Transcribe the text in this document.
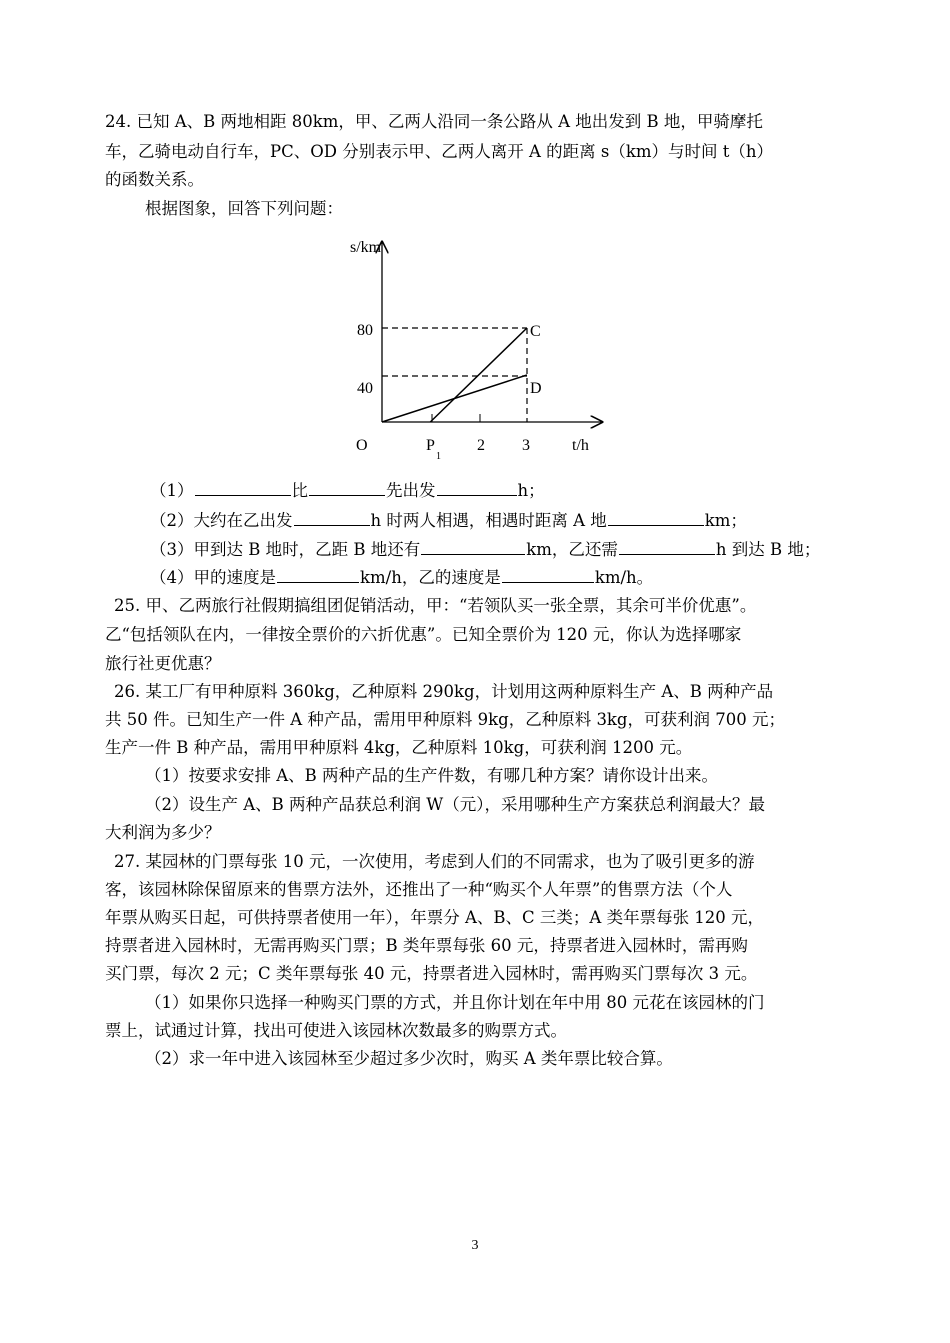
24. 已知 A、B 两地相距 80km，甲、乙两人沿同一条公路从 A 地出发到 B 地，甲骑摩托
车，乙骑电动自行车，PC、OD 分别表示甲、乙两人离开 A 的距离 s（km）与时间 t（h）
的函数关系。
根据图象，回答下列问题：
s/km
t/h
O
80
40
P
1
2 3
C
D
（1）	比	先出发	h；
（2）大约在乙出发	h 时两人相遇，相遇时距离 A 地	km；
（3）甲到达 B 地时，乙距 B 地还有	km，乙还需	h 到达 B 地；
（4）甲的速度是	km/h，乙的速度是	km/h。
25. 甲、乙两旅行社假期搞组团促销活动，甲：“若领队买一张全票，其余可半价优惠”。
乙“包括领队在内，一律按全票价的六折优惠”。已知全票价为 120 元，你认为选择哪家
旅行社更优惠？
26. 某工厂有甲种原料 360kg，乙种原料 290kg，计划用这两种原料生产 A、B 两种产品
共 50 件。已知生产一件 A 种产品，需用甲种原料 9kg，乙种原料 3kg，可获利润 700 元；
生产一件 B 种产品，需用甲种原料 4kg，乙种原料 10kg，可获利润 1200 元。
（1）按要求安排 A、B 两种产品的生产件数，有哪几种方案？请你设计出来。
（2）设生产 A、B 两种产品获总利润 W（元），采用哪种生产方案获总利润最大？最
大利润为多少？
27. 某园林的门票每张 10 元，一次使用，考虑到人们的不同需求，也为了吸引更多的游
客，该园林除保留原来的售票方法外，还推出了一种“购买个人年票”的售票方法（个人
年票从购买日起，可供持票者使用一年），年票分 A、B、C 三类；A 类年票每张 120 元，
持票者进入园林时，无需再购买门票；B 类年票每张 60 元，持票者进入园林时，需再购
买门票，每次 2 元；C 类年票每张 40 元，持票者进入园林时，需再购买门票每次 3 元。
（1）如果你只选择一种购买门票的方式，并且你计划在年中用 80 元花在该园林的门
票上，试通过计算，找出可使进入该园林次数最多的购票方式。
（2）求一年中进入该园林至少超过多少次时，购买 A 类年票比较合算。
3
